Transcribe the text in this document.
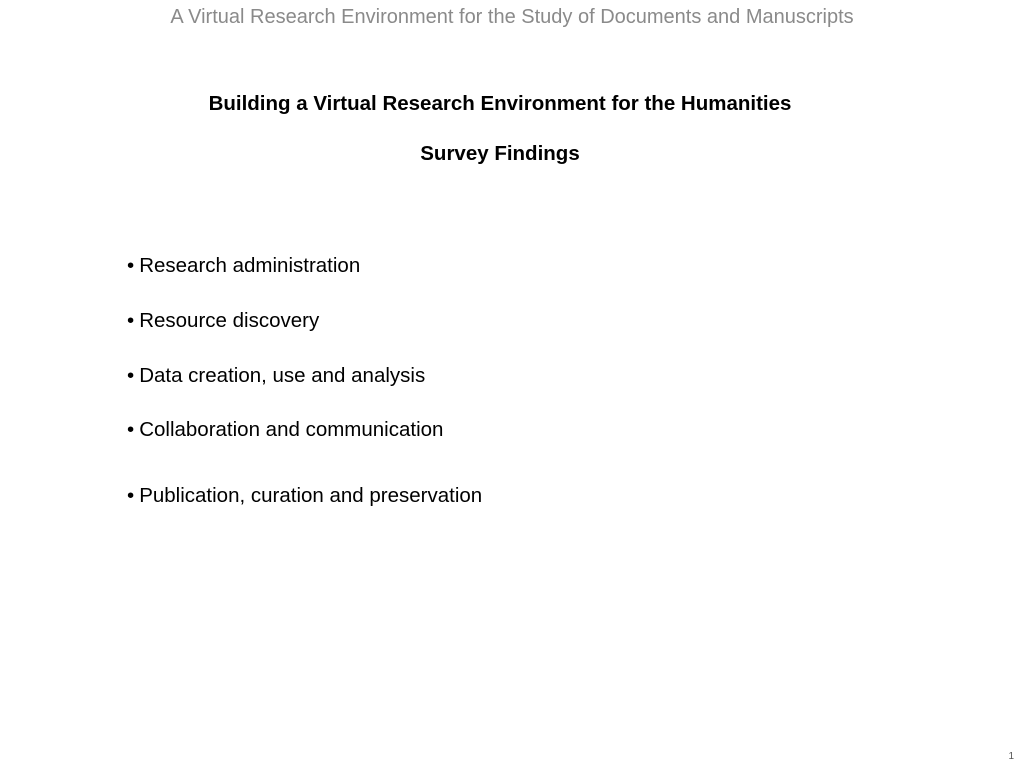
A Virtual Research Environment for the Study of Documents and Manuscripts
Building a Virtual Research Environment for the Humanities
Survey Findings
• Research administration
• Resource discovery
• Data creation, use and analysis
• Collaboration and communication
• Publication, curation and preservation
1
